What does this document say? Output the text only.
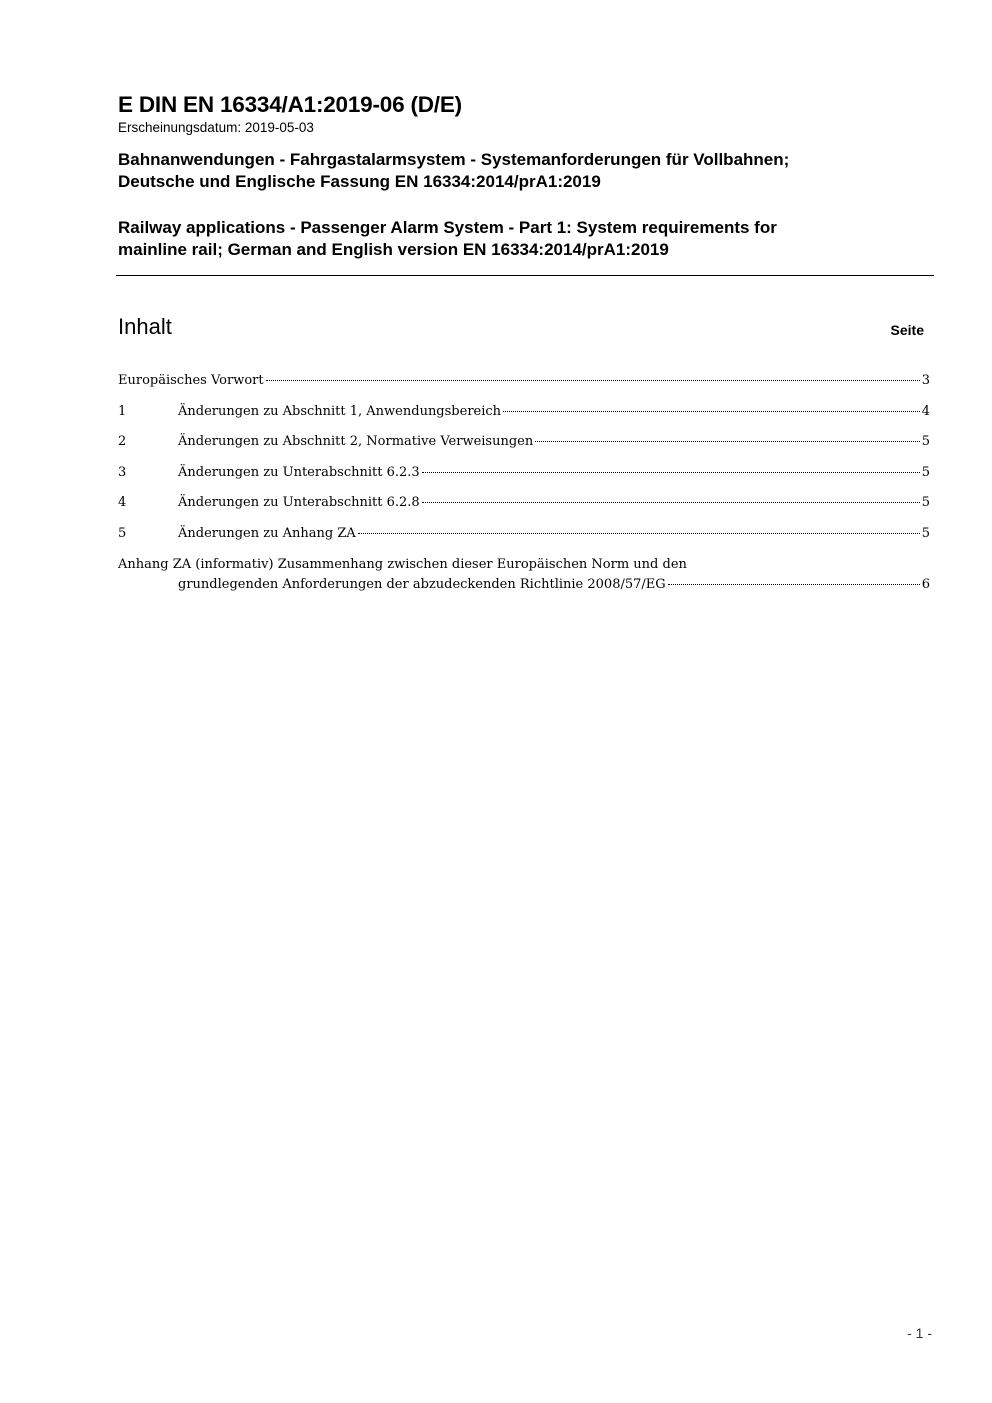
E DIN EN 16334/A1:2019-06 (D/E)
Erscheinungsdatum: 2019-05-03
Bahnanwendungen - Fahrgastalarmsystem - Systemanforderungen für Vollbahnen;
Deutsche und Englische Fassung EN 16334:2014/prA1:2019
Railway applications - Passenger Alarm System - Part 1: System requirements for
mainline rail; German and English version EN 16334:2014/prA1:2019
Inhalt	Seite
Europäisches Vorwort	3
1	Änderungen zu Abschnitt 1, Anwendungsbereich	4
2	Änderungen zu Abschnitt 2, Normative Verweisungen	5
3	Änderungen zu Unterabschnitt 6.2.3	5
4	Änderungen zu Unterabschnitt 6.2.8	5
5	Änderungen zu Anhang ZA	5
Anhang ZA (informativ) Zusammenhang zwischen dieser Europäischen Norm und den
grundlegenden Anforderungen der abzudeckenden Richtlinie 2008/57/EG	6
- 1 -
